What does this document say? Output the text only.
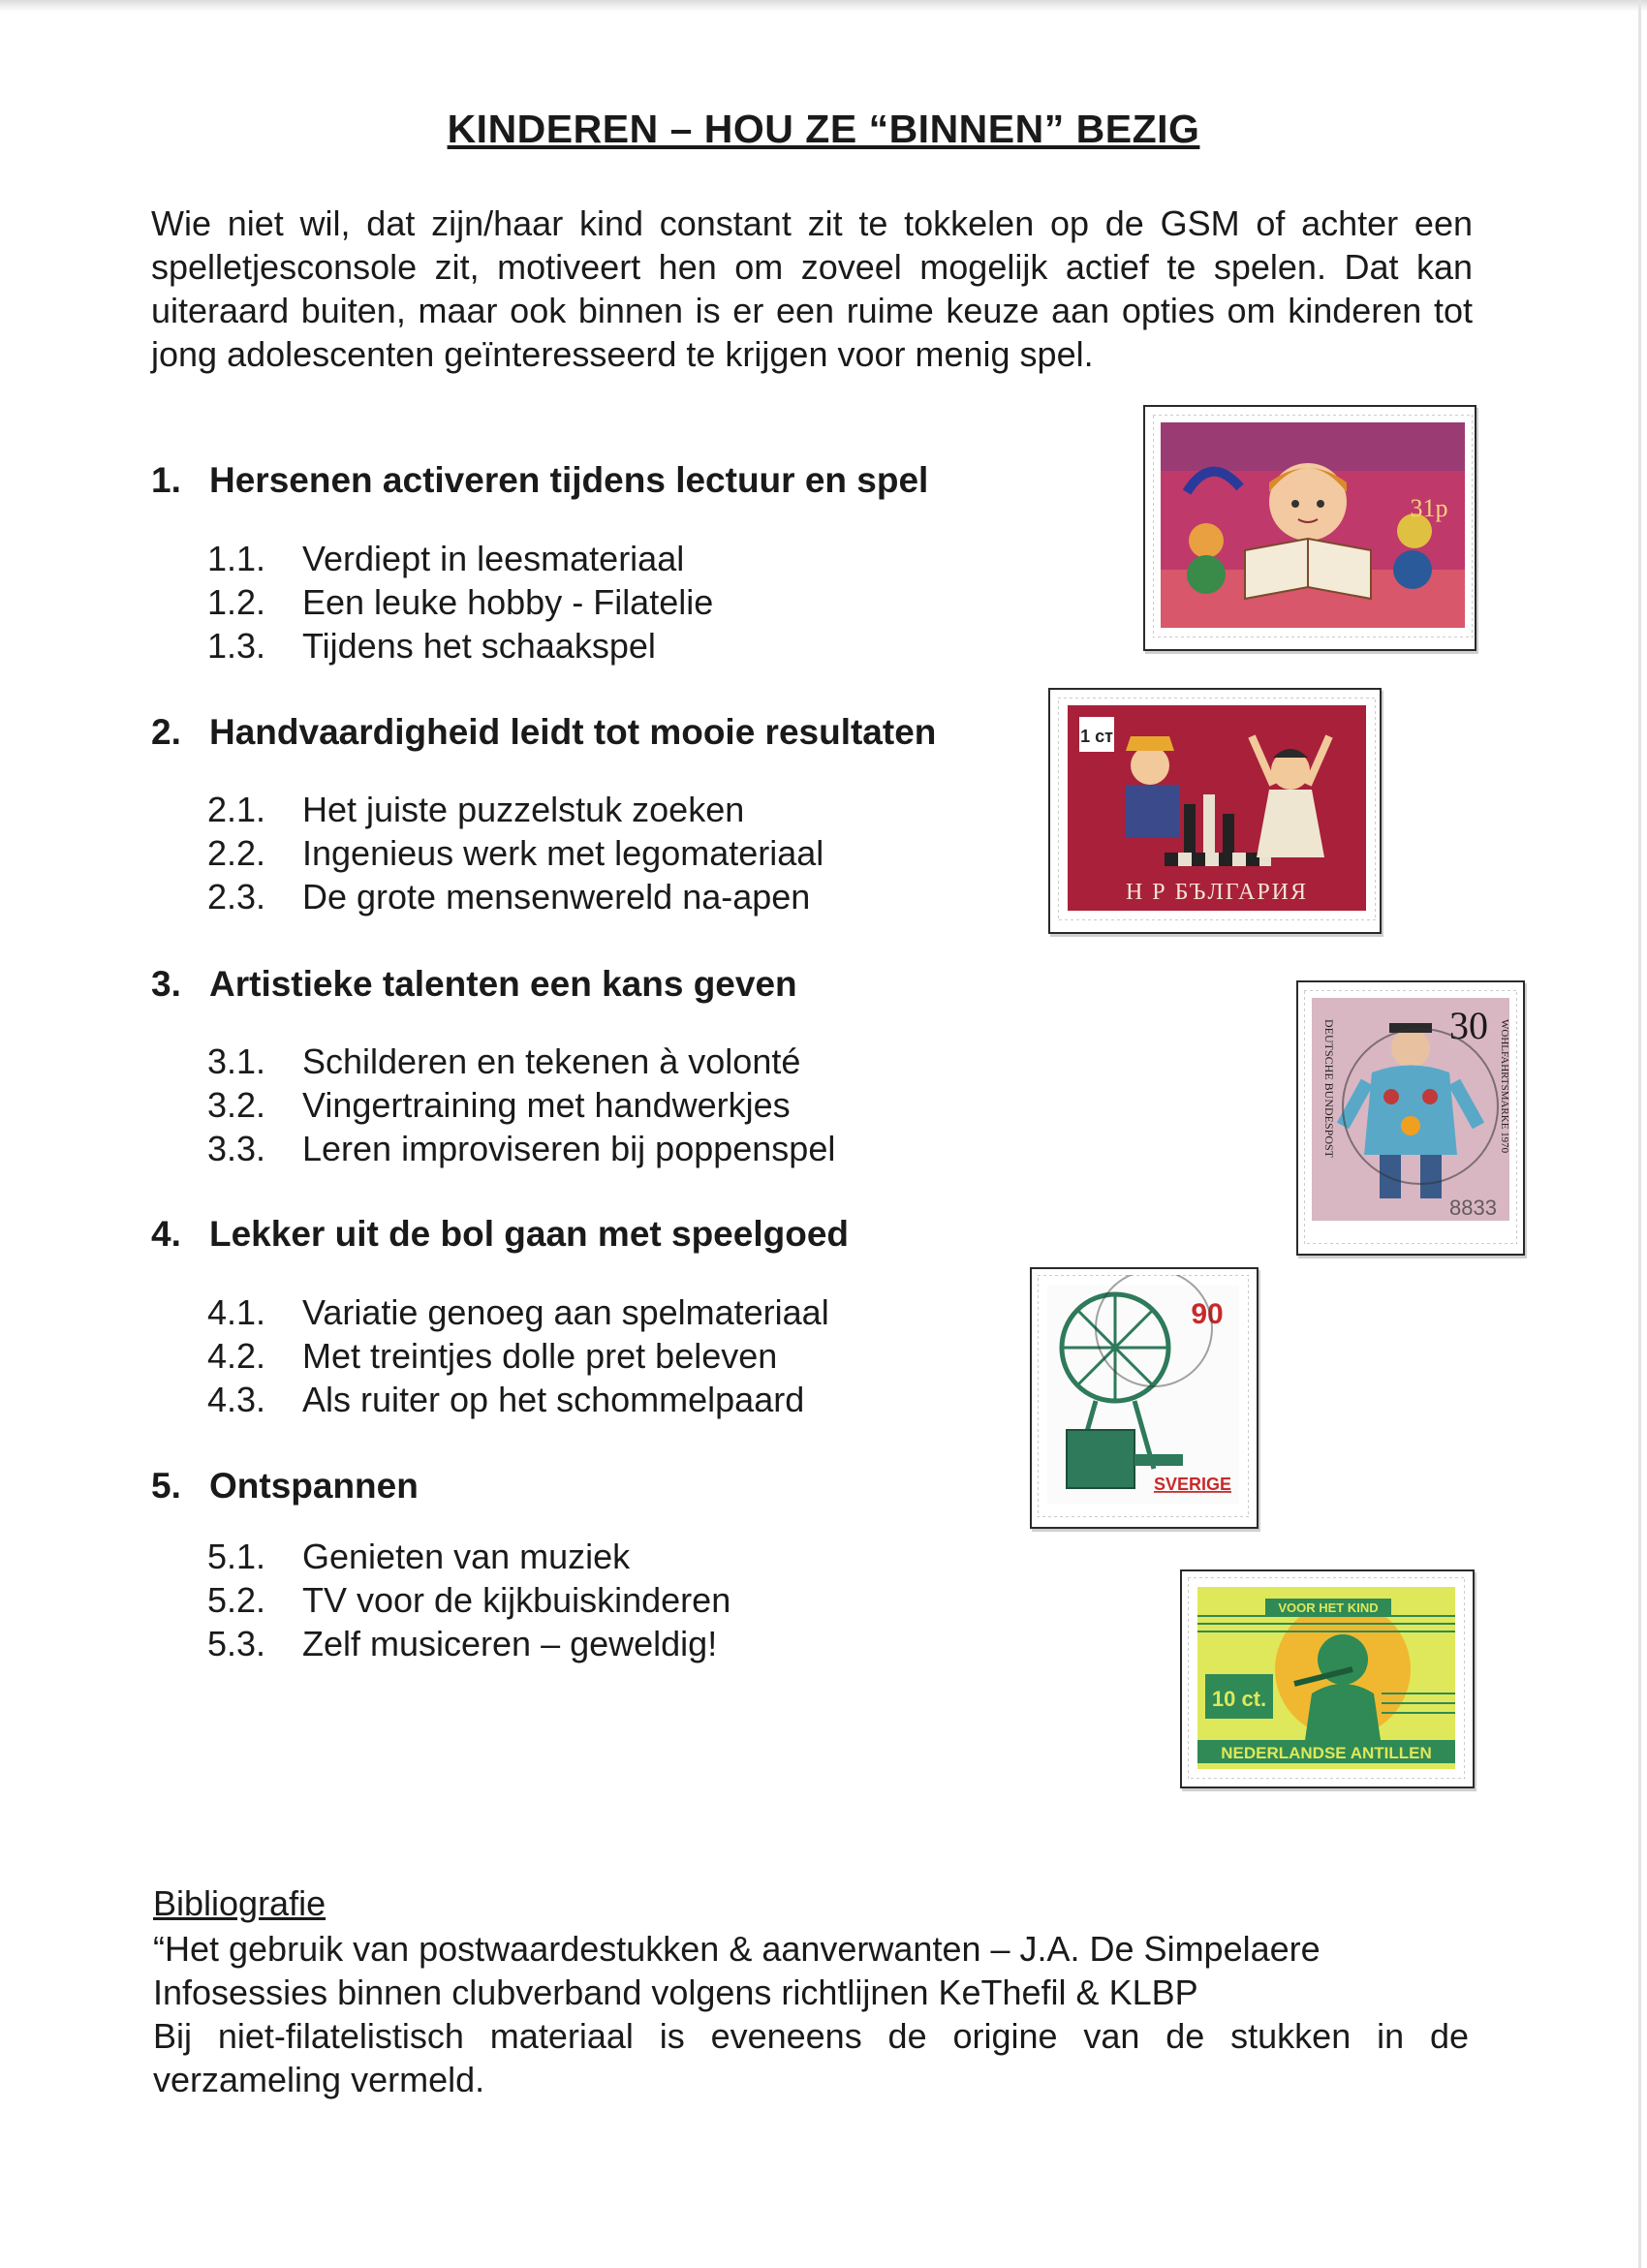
KINDEREN – HOU ZE “BINNEN” BEZIG
Wie niet wil, dat zijn/haar kind constant zit te tokkelen op de GSM of achter een spelletjesconsole zit, motiveert hen om zoveel mogelijk actief te spelen. Dat kan uiteraard buiten, maar ook binnen is er een ruime keuze aan opties om kinderen tot jong adolescenten geïnteresseerd te krijgen voor menig spel.
1. Hersenen activeren tijdens lectuur en spel
1.1. Verdiept in leesmateriaal
1.2. Een leuke hobby - Filatelie
1.3. Tijdens het schaakspel
2. Handvaardigheid leidt tot mooie resultaten
2.1. Het juiste puzzelstuk zoeken
2.2. Ingenieus werk met legomateriaal
2.3. De grote mensenwereld na-apen
3. Artistieke talenten een kans geven
3.1. Schilderen en tekenen à volonté
3.2. Vingertraining met handwerkjes
3.3. Leren improviseren bij poppenspel
4. Lekker uit de bol gaan met speelgoed
4.1. Variatie genoeg aan spelmateriaal
4.2. Met treintjes dolle pret beleven
4.3. Als ruiter op het schommelpaard
5. Ontspannen
5.1. Genieten van muziek
5.2. TV voor de kijkbuiskinderen
5.3. Zelf musiceren – geweldig!
31p
1 ст
Н Р БЪЛГАРИЯ
30
DEUTSCHE BUNDESPOST	WOHLFAHRTSMARKE 1970
8833
90
SVERIGE
VOOR HET KIND
10 ct.
NEDERLANDSE ANTILLEN
Bibliografie
“Het gebruik van postwaardestukken & aanverwanten – J.A. De Simpelaere
Infosessies binnen clubverband volgens richtlijnen KeThefil & KLBP
Bij niet-filatelistisch materiaal is eveneens de origine van de stukken in de
verzameling vermeld.
